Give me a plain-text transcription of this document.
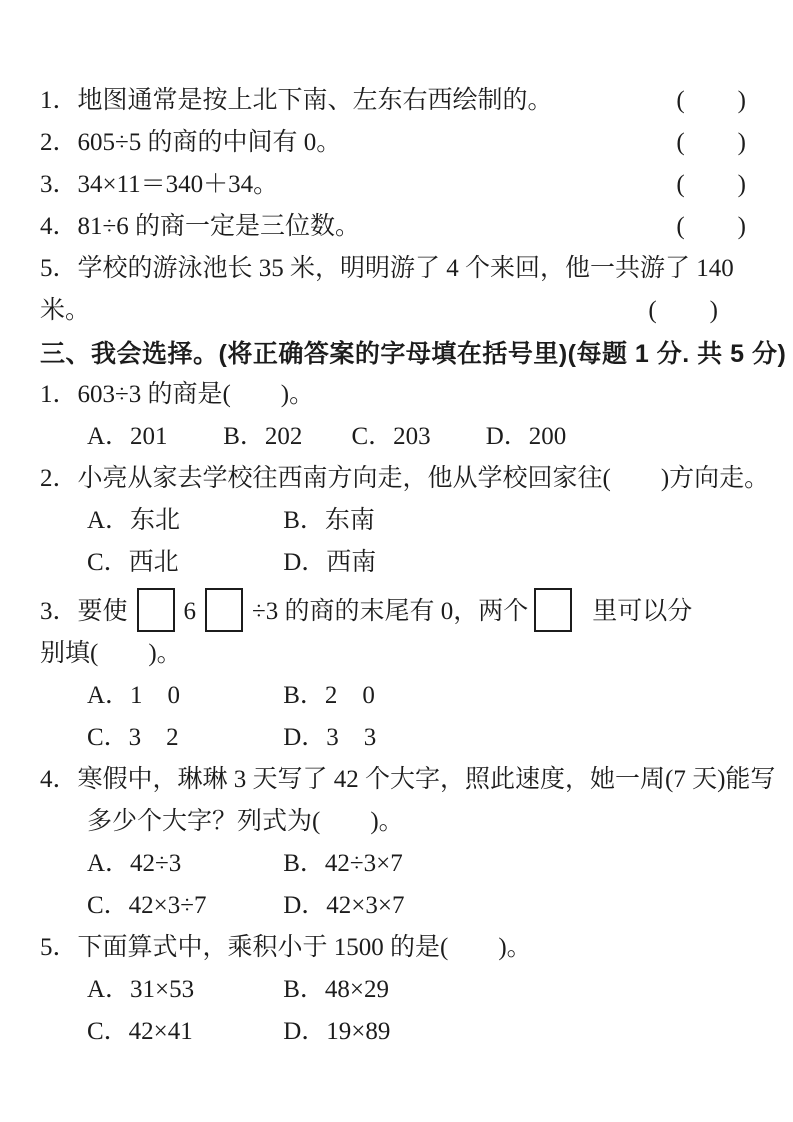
1．地图通常是按上北下南、左东右西绘制的。	(　　)
2．605÷5 的商的中间有 0。	(　　)
3．34×11＝340＋34。	(　　)
4．81÷6 的商一定是三位数。	(　　)
5．学校的游泳池长 35 米，明明游了 4 个来回，他一共游了 140
米。	(　　)
三、我会选择。(将正确答案的字母填在括号里)(每题 1 分. 共 5 分)
1．603÷3 的商是(　　)。
A．201 B．202 C．203 D．200
2．小亮从家去学校往西南方向走，他从学校回家往(　　)方向走。
A．东北	B．东南
C．西北	D．西南
3．要使 6 ÷3 的商的末尾有 0，两个	里可以分
别填(　　)。
A．1　0	B．2　0
C．3　2	D．3　3
4．寒假中，琳琳 3 天写了 42 个大字，照此速度，她一周(7 天)能写
多少个大字？列式为(　　)。
A．42÷3	B．42÷3×7
C．42×3÷7	D．42×3×7
5．下面算式中，乘积小于 1500 的是(　　)。
A．31×53	B．48×29
C．42×41	D．19×89
